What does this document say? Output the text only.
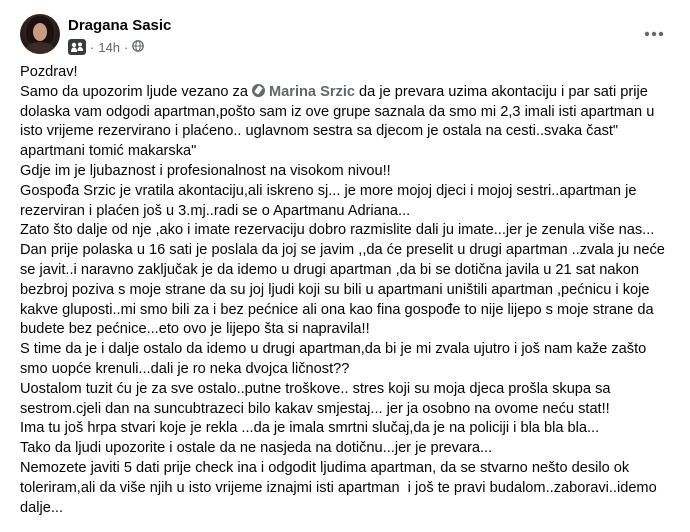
Dragana Sasic
· 14h ·

Pozdrav!

Samo da upozorim ljude vezano za Marina Srzic da je prevara uzima akontaciju i par sati prije

dolaska vam odgodi apartman,pošto sam iz ove grupe saznala da smo mi 2,3 imali isti apartman u

isto vrijeme rezervirano i plaćeno.. uglavnom sestra sa djecom je ostala na cesti..svaka čast"

apartmani tomić makarska"

Gdje im je ljubaznost i profesionalnost na visokom nivou!!

Gospođa Srzic je vratila akontaciju,ali iskreno sj... je more mojoj djeci i mojoj sestri..apartman je

rezerviran i plaćen još u 3.mj..radi se o Apartmanu Adriana...

Zato što dalje od nje ,ako i imate rezervaciju dobro razmislite dali ju imate...jer je zenula više nas...

Dan prije polaska u 16 sati je poslala da joj se javim ,,da će preselit u drugi apartman ..zvala ju neće

se javit..i naravno zaključak je da idemo u drugi apartman ,da bi se dotična javila u 21 sat nakon

bezbroj poziva s moje strane da su joj ljudi koji su bili u apartmani uništili apartman ,pećnicu i koje

kakve gluposti..mi smo bili za i bez pećnice ali ona kao fina gospođe to nije lijepo s moje strane da

budete bez pećnice...eto ovo je lijepo šta si napravila!!

S time da je i dalje ostalo da idemo u drugi apartman,da bi je mi zvala ujutro i još nam kaže zašto

smo uopće krenuli...dali je ro neka dvojca ličnost??

Uostalom tuzit ću je za sve ostalo..putne troškove.. stres koji su moja djeca prošla skupa sa

sestrom.cjeli dan na suncubtrazeci bilo kakav smjestaj... jer ja osobno na ovome neću stat!!

Ima tu još hrpa stvari koje je rekla ...da je imala smrtni slučaj,da je na policiji i bla bla bla...

Tako da ljudi upozorite i ostale da ne nasjeda na dotičnu...jer je prevara...

Nemozete javiti 5 dati prije check ina i odgodit ljudima apartman, da se stvarno nešto desilo ok

toleriram,ali da više njih u isto vrijeme iznajmi isti apartman  i još te pravi budalom..zaboravi..idemo

dalje...
